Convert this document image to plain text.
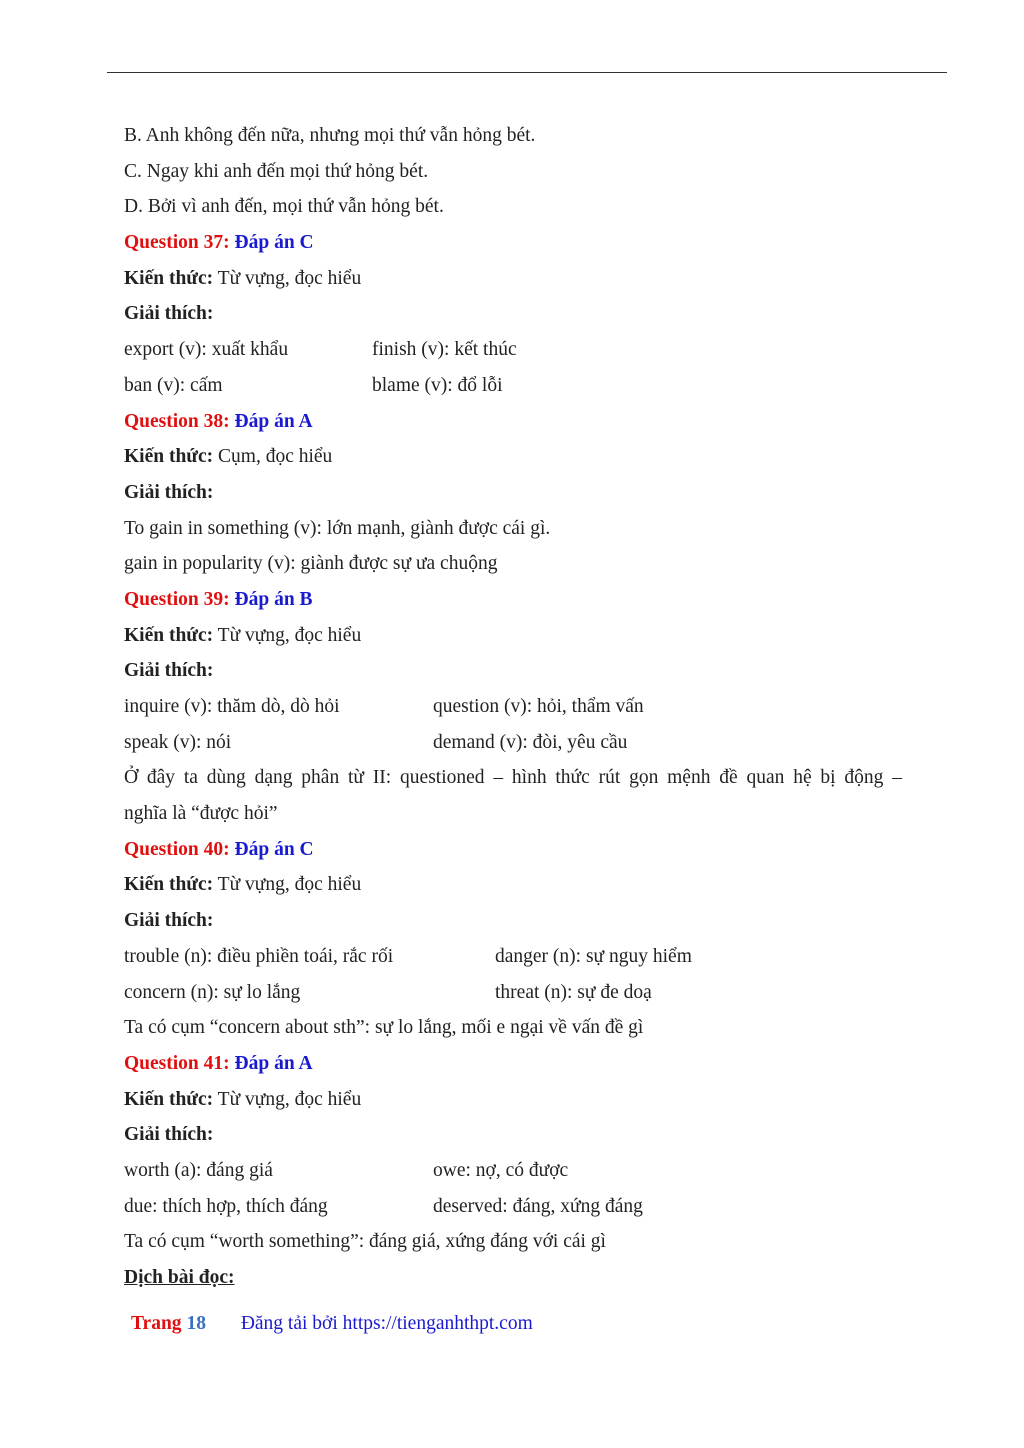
B. Anh không đến nữa, nhưng mọi thứ vẫn hỏng bét.
C. Ngay khi anh đến mọi thứ hỏng bét.
D. Bởi vì anh đến, mọi thứ vẫn hỏng bét.
Question 37: Đáp án C
Kiến thức: Từ vựng, đọc hiểu
Giải thích:
export (v): xuất khẩu	finish (v): kết thúc
ban (v): cấm	blame (v): đổ lỗi
Question 38: Đáp án A
Kiến thức: Cụm, đọc hiểu
Giải thích:
To gain in something (v): lớn mạnh, giành được cái gì.
gain in popularity (v): giành được sự ưa chuộng
Question 39: Đáp án B
Kiến thức: Từ vựng, đọc hiểu
Giải thích:
inquire (v): thăm dò, dò hỏi	question (v): hỏi, thẩm vấn
speak (v): nói	demand (v): đòi, yêu cầu
Ở đây ta dùng dạng phân từ II: questioned – hình thức rút gọn mệnh đề quan hệ bị động –
nghĩa là “được hỏi”
Question 40: Đáp án C
Kiến thức: Từ vựng, đọc hiểu
Giải thích:
trouble (n): điều phiền toái, rắc rối	danger (n): sự nguy hiểm
concern (n): sự lo lắng	threat (n): sự đe doạ
Ta có cụm “concern about sth”: sự lo lắng, mối e ngại về vấn đề gì
Question 41: Đáp án A
Kiến thức: Từ vựng, đọc hiểu
Giải thích:
worth (a): đáng giá	owe: nợ, có được
due: thích hợp, thích đáng	deserved: đáng, xứng đáng
Ta có cụm “worth something”: đáng giá, xứng đáng với cái gì
Dịch bài đọc:
Trang 18 Đăng tải bởi https://tienganhthpt.com
